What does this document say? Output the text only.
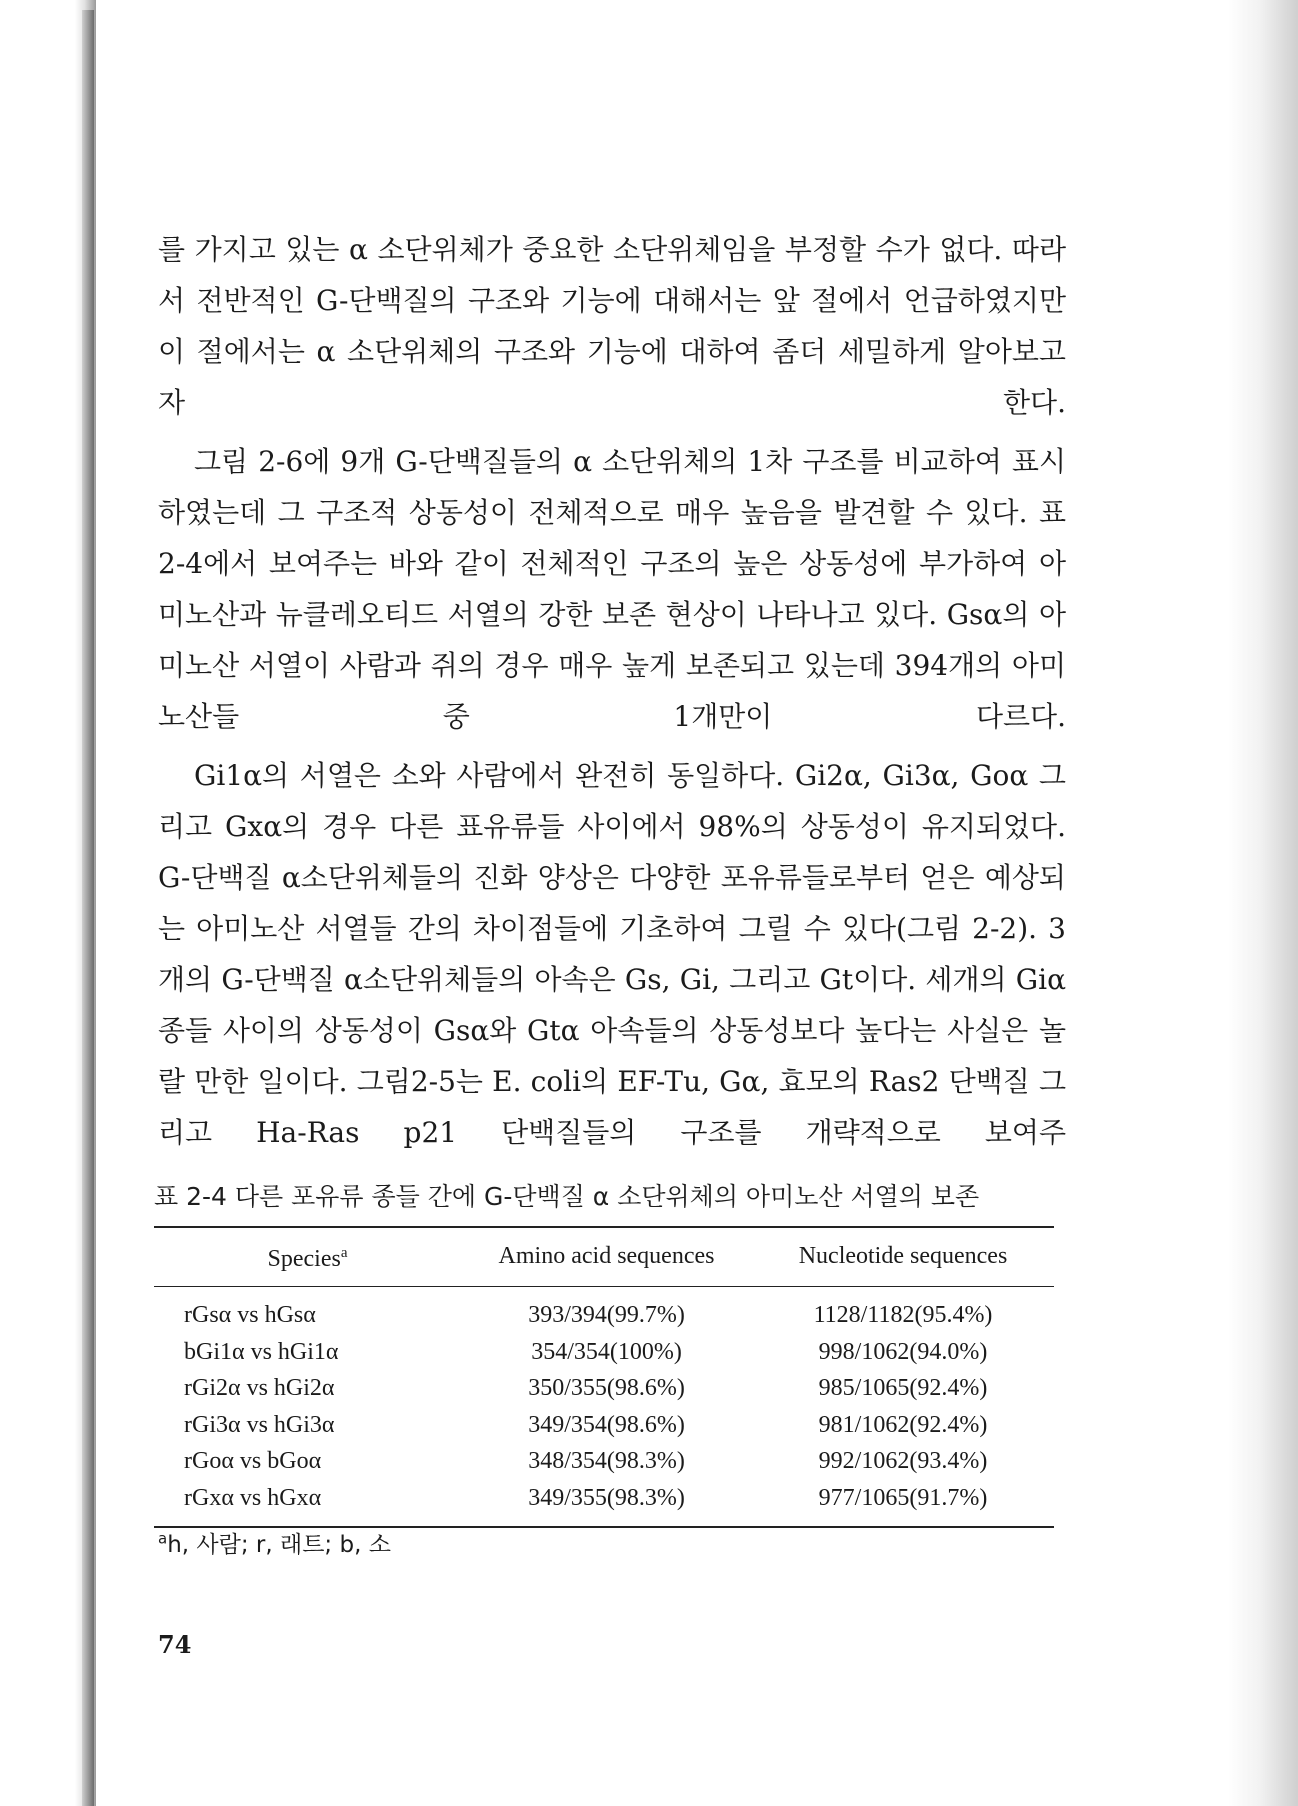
를 가지고 있는 α 소단위체가 중요한 소단위체임을 부정할 수가 없다. 따라서 전반적인 G-단백질의 구조와 기능에 대해서는 앞 절에서 언급하였지만 이 절에서는 α 소단위체의 구조와 기능에 대하여 좀더 세밀하게 알아보고자 한다.

그림 2-6에 9개 G-단백질들의 α 소단위체의 1차 구조를 비교하여 표시하였는데 그 구조적 상동성이 전체적으로 매우 높음을 발견할 수 있다. 표 2-4에서 보여주는 바와 같이 전체적인 구조의 높은 상동성에 부가하여 아미노산과 뉴클레오티드 서열의 강한 보존 현상이 나타나고 있다. Gsα의 아미노산 서열이 사람과 쥐의 경우 매우 높게 보존되고 있는데 394개의 아미노산들 중 1개만이 다르다.

Gi1α의 서열은 소와 사람에서 완전히 동일하다. Gi2α, Gi3α, Goα 그리고 Gxα의 경우 다른 표유류들 사이에서 98%의 상동성이 유지되었다. G-단백질 α소단위체들의 진화 양상은 다양한 포유류들로부터 얻은 예상되는 아미노산 서열들 간의 차이점들에 기초하여 그릴 수 있다(그림 2-2). 3개의 G-단백질 α소단위체들의 아속은 Gs, Gi, 그리고 Gt이다. 세개의 Giα 종들 사이의 상동성이 Gsα와 Gtα 아속들의 상동성보다 높다는 사실은 놀랄 만한 일이다. 그림2-5는 E. coli의 EF-Tu, Gα, 효모의 Ras2 단백질 그리고 Ha-Ras p21 단백질들의 구조를 개략적으로 보여주

표 2-4 다른 포유류 종들 간에 G-단백질 α 소단위체의 아미노산 서열의 보존
Species$^a$	Amino acid sequences	Nucleotide sequences
rGsα vs hGsα	393/394(99.7%)	1128/1182(95.4%)
bGi1α vs hGi1α	354/354(100%)	998/1062(94.0%)
rGi2α vs hGi2α	350/355(98.6%)	985/1065(92.4%)
rGi3α vs hGi3α	349/354(98.6%)	981/1062(92.4%)
rGoα vs bGoα	348/354(98.3%)	992/1062(93.4%)
rGxα vs hGxα	349/355(98.3%)	977/1065(91.7%)
$^a$h, 사람; r, 래트; b, 소
74
